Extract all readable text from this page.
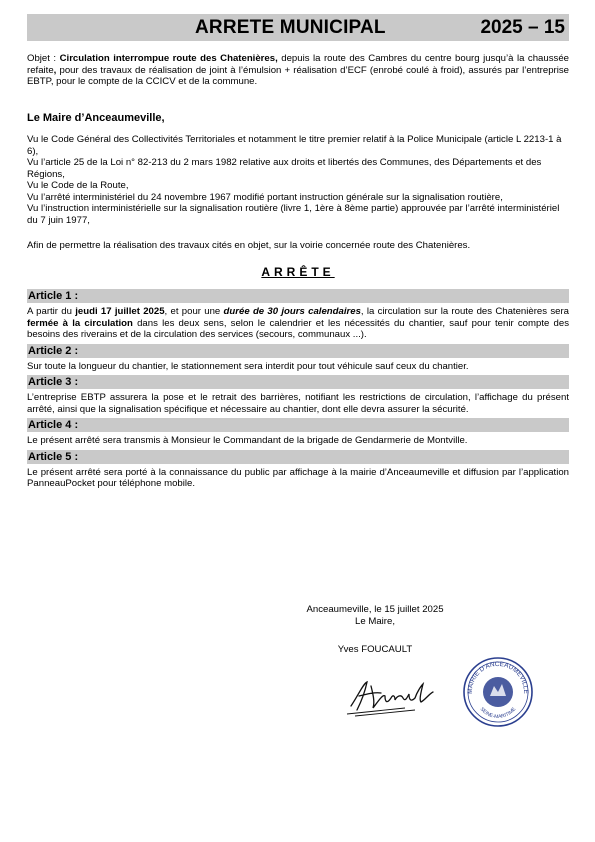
ARRETE MUNICIPAL	2025 – 15

Objet : Circulation interrompue route des Chatenières, depuis la route des Cambres du centre bourg jusqu’à la chaussée refaite, pour des travaux de réalisation de joint à l’émulsion + réalisation d’ECF (enrobé coulé à froid), assurés par l’entreprise EBTP, pour le compte de la CCICV et de la commune.

Le Maire d’Anceaumeville,

Vu le Code Général des Collectivités Territoriales et notamment le titre premier relatif à la Police Municipale (article L 2213-1 à 6),

Vu l’article 25 de la Loi n° 82-213 du 2 mars 1982 relative aux droits et libertés des Communes, des Départements et des Régions,

Vu le Code de la Route,

Vu l’arrêté interministériel du 24 novembre 1967 modifié portant instruction générale sur la signalisation routière,

Vu l’instruction interministérielle sur la signalisation routière (livre 1, 1ère à 8ème partie) approuvée par l’arrêté interministériel du 7 juin 1977,

Afin de permettre la réalisation des travaux cités en objet, sur la voirie concernée route des Chatenières.

ARRÊTE

Article 1 :

A partir du jeudi 17 juillet 2025, et pour une durée de 30 jours calendaires, la circulation sur la route des Chatenières sera fermée à la circulation dans les deux sens, selon le calendrier et les nécessités du chantier, sauf pour tenir compte des besoins des riverains et de la circulation des services (secours, communaux ...).

Article 2 :

Sur toute la longueur du chantier, le stationnement sera interdit pour tout véhicule sauf ceux du chantier.

Article 3 :

L’entreprise EBTP assurera la pose et le retrait des barrières, notifiant les restrictions de circulation, l’affichage du présent arrêté, ainsi que la signalisation spécifique et nécessaire au chantier, dont elle devra assurer la sécurité.

Article 4 :

Le présent arrêté sera transmis à Monsieur le Commandant de la brigade de Gendarmerie de Montville.

Article 5 :

Le présent arrêté sera porté à la connaissance du public par affichage à la mairie d’Anceaumeville et diffusion par l’application PanneauPocket pour téléphone mobile.

Anceaumeville, le 15 juillet 2025
Le Maire,
Yves FOUCAULT
MAIRIE D'ANCEAUMEVILLE
SEINE-MARITIME
